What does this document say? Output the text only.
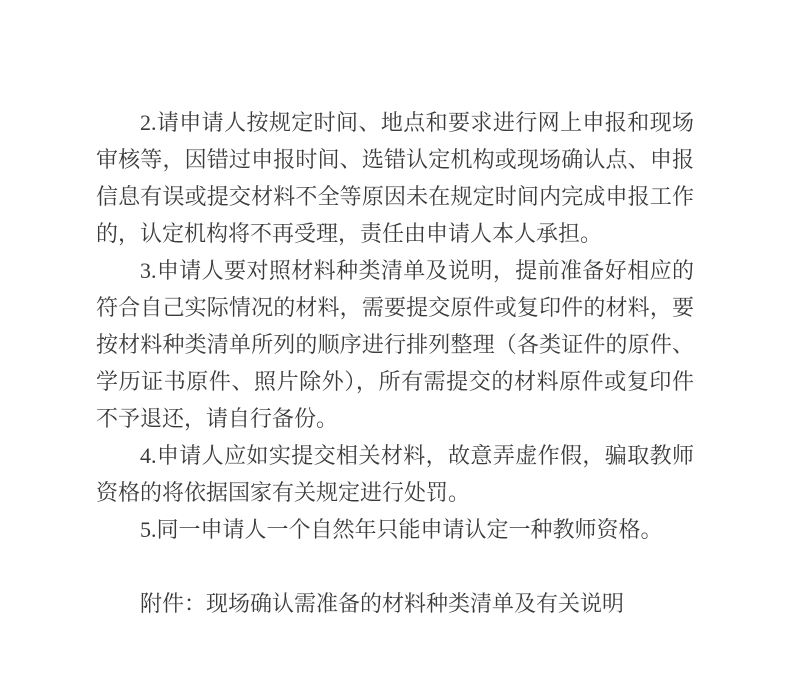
2.请申请人按规定时间、地点和要求进行网上申报和现场审核等，因错过申报时间、选错认定机构或现场确认点、申报信息有误或提交材料不全等原因未在规定时间内完成申报工作的，认定机构将不再受理，责任由申请人本人承担。

3.申请人要对照材料种类清单及说明，提前准备好相应的符合自己实际情况的材料，需要提交原件或复印件的材料，要按材料种类清单所列的顺序进行排列整理（各类证件的原件、学历证书原件、照片除外），所有需提交的材料原件或复印件不予退还，请自行备份。

4.申请人应如实提交相关材料，故意弄虚作假，骗取教师资格的将依据国家有关规定进行处罚。

5.同一申请人一个自然年只能申请认定一种教师资格。

附件：现场确认需准备的材料种类清单及有关说明
